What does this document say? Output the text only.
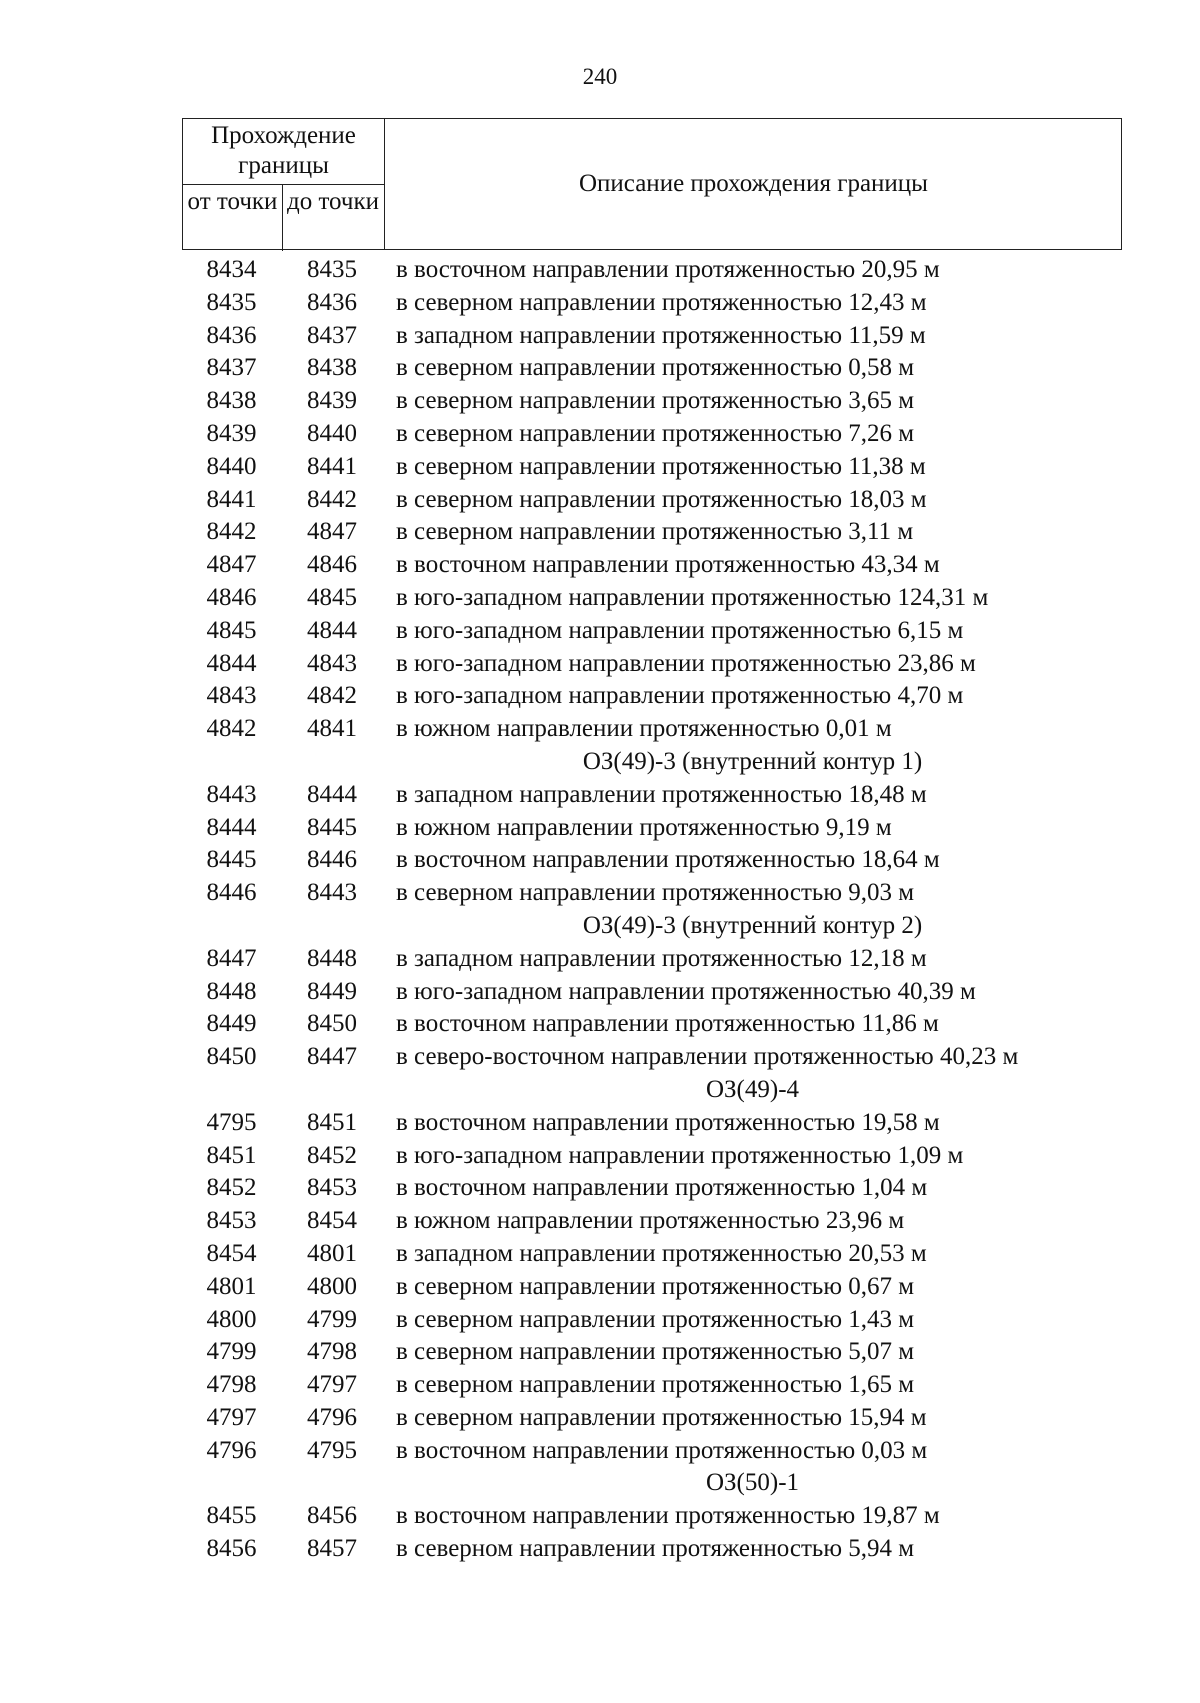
240
Прохождение границы
от точки до точки
Описание прохождения границы
8434	8435	в восточном направлении протяженностью 20,95 м
8435	8436	в северном направлении протяженностью 12,43 м
8436	8437	в западном направлении протяженностью 11,59 м
8437	8438	в северном направлении протяженностью 0,58 м
8438	8439	в северном направлении протяженностью 3,65 м
8439	8440	в северном направлении протяженностью 7,26 м
8440	8441	в северном направлении протяженностью 11,38 м
8441	8442	в северном направлении протяженностью 18,03 м
8442	4847	в северном направлении протяженностью 3,11 м
4847	4846	в восточном направлении протяженностью 43,34 м
4846	4845	в юго-западном направлении протяженностью 124,31 м
4845	4844	в юго-западном направлении протяженностью 6,15 м
4844	4843	в юго-западном направлении протяженностью 23,86 м
4843	4842	в юго-западном направлении протяженностью 4,70 м
4842	4841	в южном направлении протяженностью 0,01 м
ОЗ(49)-3 (внутренний контур 1)
8443	8444	в западном направлении протяженностью 18,48 м
8444	8445	в южном направлении протяженностью 9,19 м
8445	8446	в восточном направлении протяженностью 18,64 м
8446	8443	в северном направлении протяженностью 9,03 м
ОЗ(49)-3 (внутренний контур 2)
8447	8448	в западном направлении протяженностью 12,18 м
8448	8449	в юго-западном направлении протяженностью 40,39 м
8449	8450	в восточном направлении протяженностью 11,86 м
8450	8447	в северо-восточном направлении протяженностью 40,23 м
ОЗ(49)-4
4795	8451	в восточном направлении протяженностью 19,58 м
8451	8452	в юго-западном направлении протяженностью 1,09 м
8452	8453	в восточном направлении протяженностью 1,04 м
8453	8454	в южном направлении протяженностью 23,96 м
8454	4801	в западном направлении протяженностью 20,53 м
4801	4800	в северном направлении протяженностью 0,67 м
4800	4799	в северном направлении протяженностью 1,43 м
4799	4798	в северном направлении протяженностью 5,07 м
4798	4797	в северном направлении протяженностью 1,65 м
4797	4796	в северном направлении протяженностью 15,94 м
4796	4795	в восточном направлении протяженностью 0,03 м
ОЗ(50)-1
8455	8456	в восточном направлении протяженностью 19,87 м
8456	8457	в северном направлении протяженностью 5,94 м
